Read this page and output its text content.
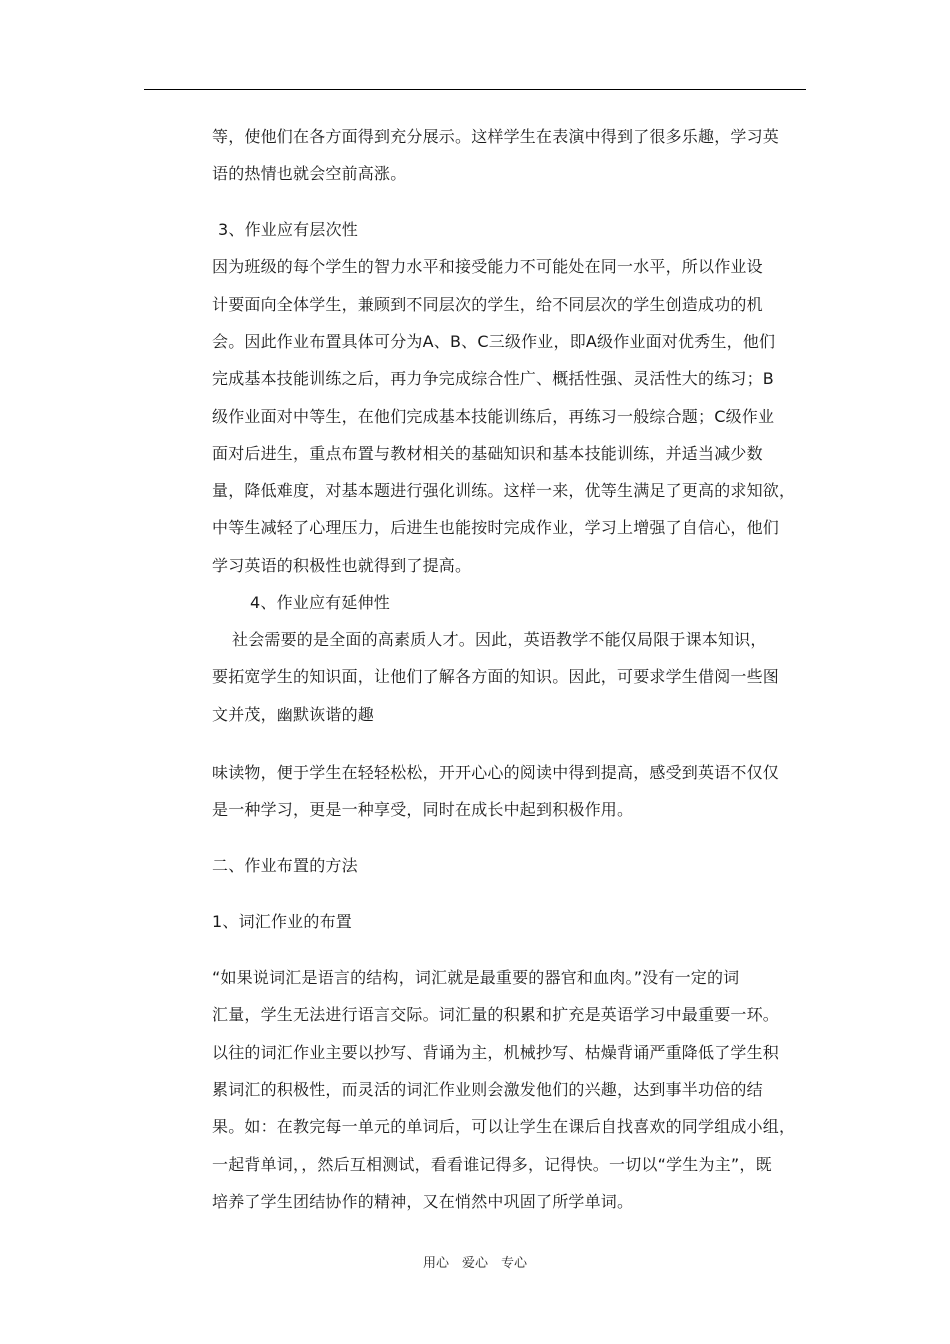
等，使他们在各方面得到充分展示。这样学生在表演中得到了很多乐趣，学习英
语的热情也就会空前高涨。
3、作业应有层次性
因为班级的每个学生的智力水平和接受能力不可能处在同一水平，所以作业设
计要面向全体学生，兼顾到不同层次的学生，给不同层次的学生创造成功的机
会。因此作业布置具体可分为A、B、C三级作业，即A级作业面对优秀生，他们
完成基本技能训练之后，再力争完成综合性广、概括性强、灵活性大的练习；B
级作业面对中等生，在他们完成基本技能训练后，再练习一般综合题；C级作业
面对后进生，重点布置与教材相关的基础知识和基本技能训练，并适当减少数
量，降低难度，对基本题进行强化训练。这样一来，优等生满足了更高的求知欲，
中等生减轻了心理压力，后进生也能按时完成作业，学习上增强了自信心，他们
学习英语的积极性也就得到了提高。
4、作业应有延伸性
社会需要的是全面的高素质人才。因此，英语教学不能仅局限于课本知识，
要拓宽学生的知识面，让他们了解各方面的知识。因此，可要求学生借阅一些图
文并茂，幽默诙谐的趣
味读物，便于学生在轻轻松松，开开心心的阅读中得到提高，感受到英语不仅仅
是一种学习，更是一种享受，同时在成长中起到积极作用。
二、作业布置的方法
1、词汇作业的布置
“如果说词汇是语言的结构，词汇就是最重要的器官和血肉。”没有一定的词
汇量，学生无法进行语言交际。词汇量的积累和扩充是英语学习中最重要一环。
以往的词汇作业主要以抄写、背诵为主，机械抄写、枯燥背诵严重降低了学生积
累词汇的积极性，而灵活的词汇作业则会激发他们的兴趣，达到事半功倍的结
果。如：在教完每一单元的单词后，可以让学生在课后自找喜欢的同学组成小组，
一起背单词，，然后互相测试，看看谁记得多，记得快。一切以“学生为主”，既
培养了学生团结协作的精神，又在悄然中巩固了所学单词。
用心　爱心　专心
